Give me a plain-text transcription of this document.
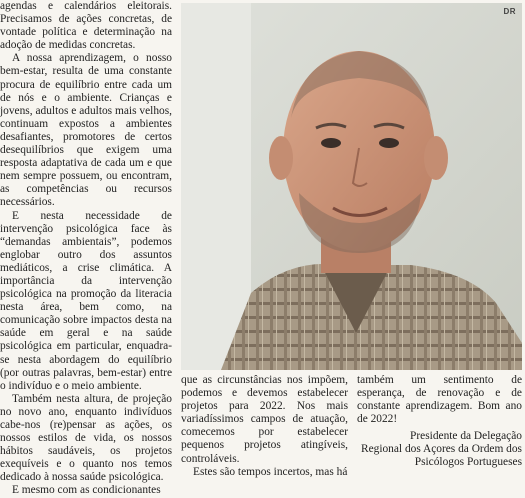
agendas e calendários eleitorais. Precisamos de ações concretas, de vontade política e determinação na adoção de medidas concretas.

A nossa aprendizagem, o nosso bem-estar, resulta de uma constante procura de equilíbrio entre cada um de nós e o ambiente. Crianças e jovens, adultos e adultos mais velhos, continuam expostos a ambientes desafiantes, promotores de certos desequilíbrios que exigem uma resposta adaptativa de cada um e que nem sempre possuem, ou encontram, as competências ou recursos necessários.

E nesta necessidade de intervenção psicológica face às “demandas ambientais”, podemos englobar outro dos assuntos mediáticos, a crise climática. A importância da intervenção psicológica na promoção da literacia nesta área, bem como, na comunicação sobre impactos desta na saúde em geral e na saúde psicológica em particular, enquadra-se nesta abordagem do equilíbrio (por outras palavras, bem-estar) entre o indivíduo e o meio ambiente.

Também nesta altura, de projeção no novo ano, enquanto indivíduos cabe-nos (re)pensar as ações, os nossos estilos de vida, os nossos hábitos saudáveis, os projetos exequíveis e o quanto nos temos dedicado à nossa saúde psicológica.

E mesmo com as condicionantes

DR

que as circunstâncias nos impõem, podemos e devemos estabelecer projetos para 2022. Nos mais variadíssimos campos de atuação, comecemos por estabelecer pequenos projetos atingíveis, controláveis.

Estes são tempos incertos, mas há

também um sentimento de esperança, de renovação e de constante aprendizagem. Bom ano de 2022!

Presidente da Delegação
Regional dos Açores da Ordem dos
Psicólogos Portugueses
